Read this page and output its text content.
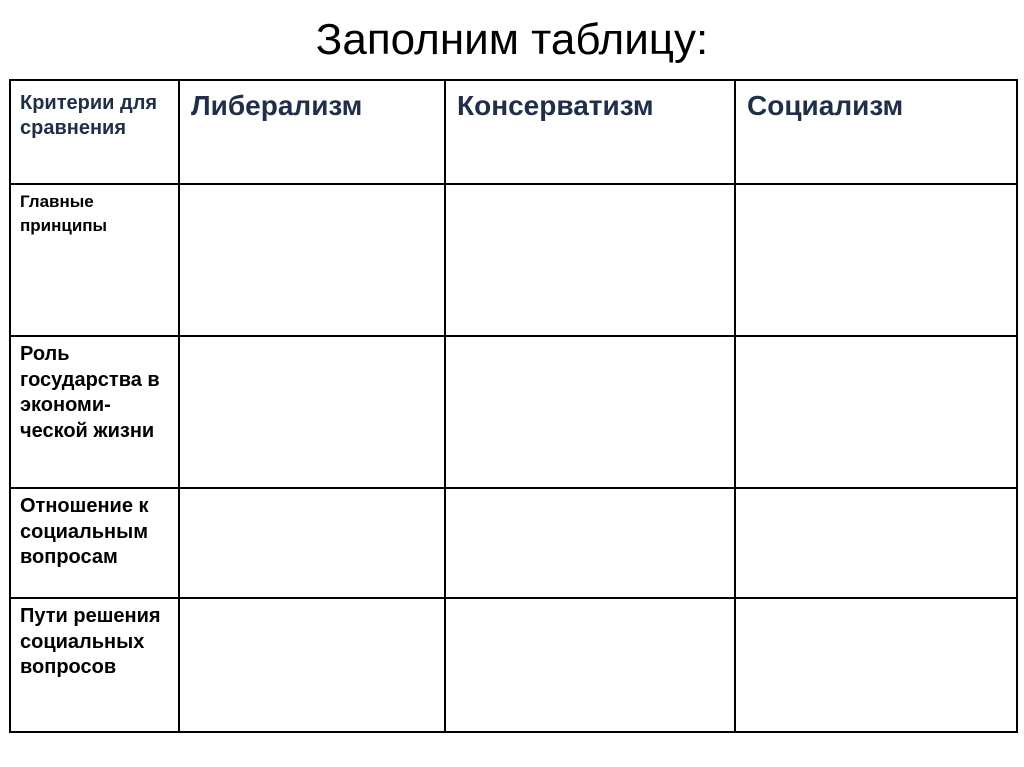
Заполним таблицу:
Критерии для сравнения	Либерализм	Консерватизм	Социализм
Главные принципы			
Роль государства в экономи-ческой жизни			
Отношение к социальным вопросам			
Пути решения социальных вопросов			
